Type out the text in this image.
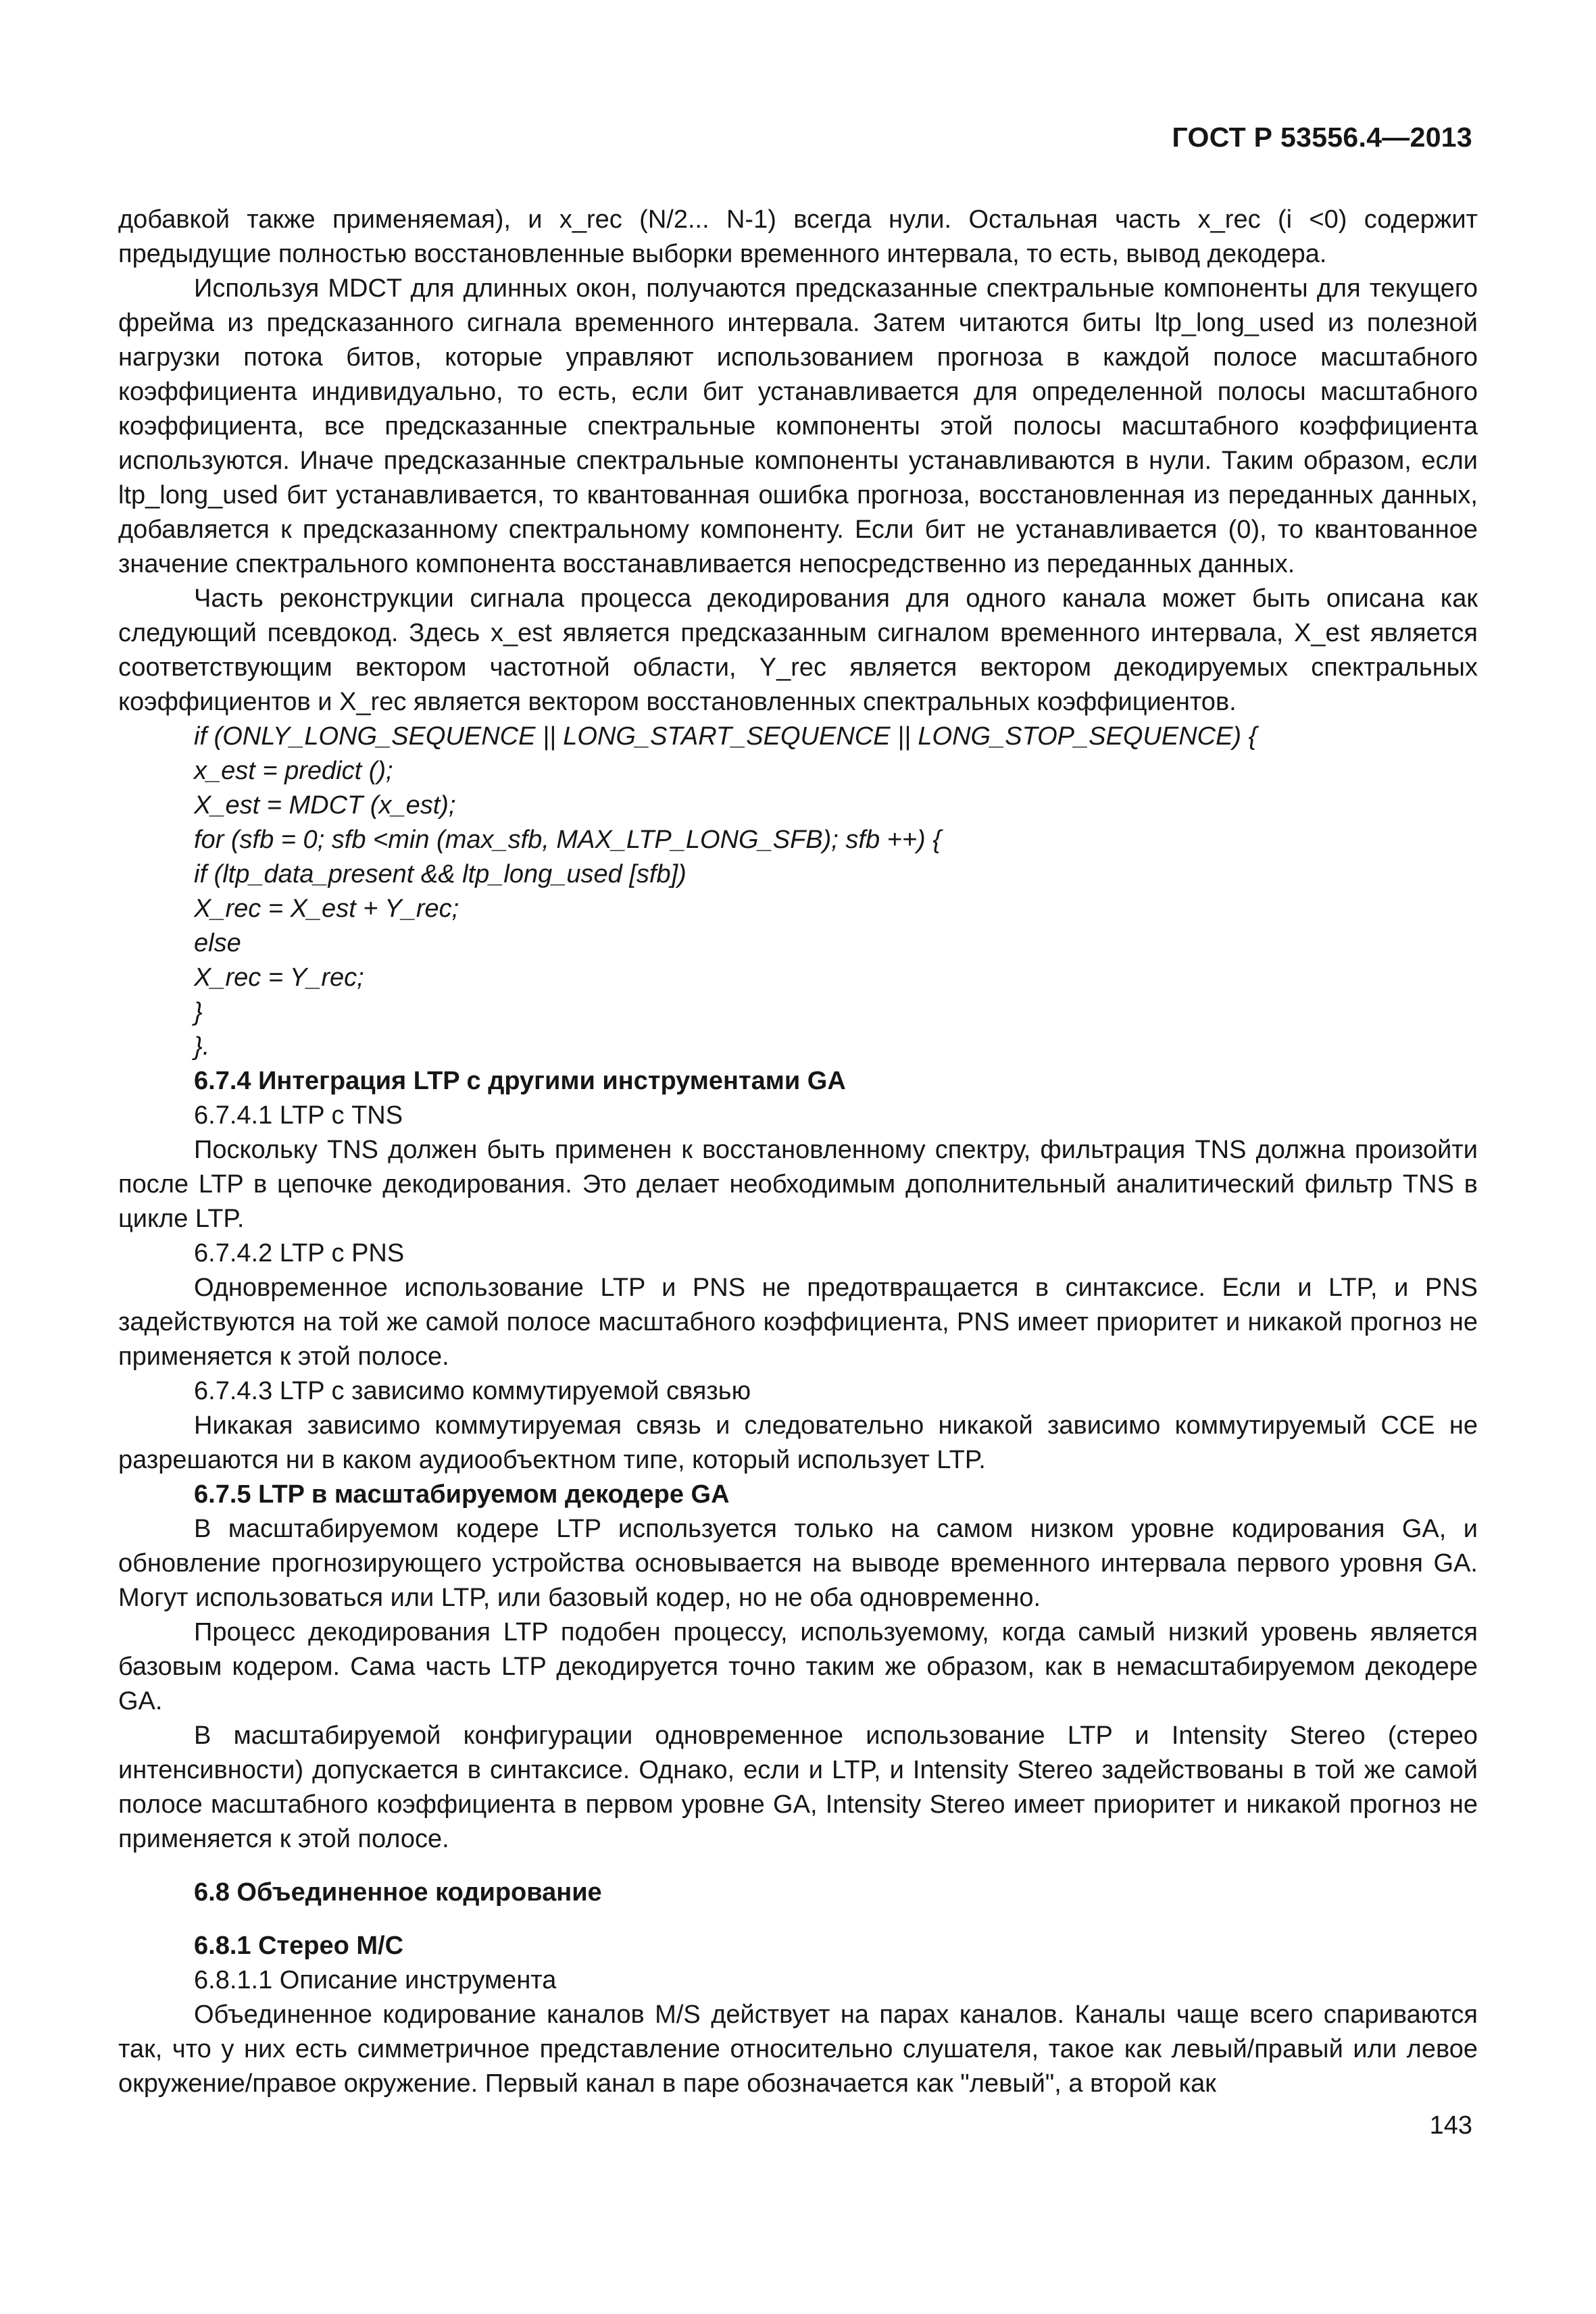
ГОСТ Р 53556.4—2013

добавкой также применяемая), и x_rec (N/2... N-1) всегда нули. Остальная часть x_rec (i <0) содержит предыдущие полностью восстановленные выборки временного интервала, то есть, вывод декодера.

Используя MDCT для длинных окон, получаются предсказанные спектральные компоненты для текущего фрейма из предсказанного сигнала временного интервала. Затем читаются биты ltp_long_used из полезной нагрузки потока битов, которые управляют использованием прогноза в каждой полосе масштабного коэффициента индивидуально, то есть, если бит устанавливается для определенной полосы масштабного коэффициента, все предсказанные спектральные компоненты этой полосы масштабного коэффициента используются. Иначе предсказанные спектральные компоненты устанавливаются в нули. Таким образом, если ltp_long_used бит устанавливается, то квантованная ошибка прогноза, восстановленная из переданных данных, добавляется к предсказанному спектральному компоненту. Если бит не устанавливается (0), то квантованное значение спектрального компонента восстанавливается непосредственно из переданных данных.

Часть реконструкции сигнала процесса декодирования для одного канала может быть описана как следующий псевдокод. Здесь x_est является предсказанным сигналом временного интервала, X_est является соответствующим вектором частотной области, Y_rec является вектором декодируемых спектральных коэффициентов и X_rec является вектором восстановленных спектральных коэффициентов.

if (ONLY_LONG_SEQUENCE || LONG_START_SEQUENCE || LONG_STOP_SEQUENCE) {

x_est = predict ();

X_est = MDCT (x_est);

for (sfb = 0; sfb <min (max_sfb, MAX_LTP_LONG_SFB); sfb ++) {

if (ltp_data_present && ltp_long_used [sfb])

X_rec = X_est + Y_rec;

else

X_rec = Y_rec;

}

}.

6.7.4 Интеграция LTP с другими инструментами GA

6.7.4.1 LTP с TNS

Поскольку TNS должен быть применен к восстановленному спектру, фильтрация TNS должна произойти после LTP в цепочке декодирования. Это делает необходимым дополнительный аналитический фильтр TNS в цикле LTP.

6.7.4.2 LTP с PNS

Одновременное использование LTP и PNS не предотвращается в синтаксисе. Если и LTP, и PNS задействуются на той же самой полосе масштабного коэффициента, PNS имеет приоритет и никакой прогноз не применяется к этой полосе.

6.7.4.3 LTP с зависимо коммутируемой связью

Никакая зависимо коммутируемая связь и следовательно никакой зависимо коммутируемый CCE не разрешаются ни в каком аудиообъектном типе, который использует LTP.

6.7.5 LTP в масштабируемом декодере GA

В масштабируемом кодере LTP используется только на самом низком уровне кодирования GA, и обновление прогнозирующего устройства основывается на выводе временного интервала первого уровня GA. Могут использоваться или LTP, или базовый кодер, но не оба одновременно.

Процесс декодирования LTP подобен процессу, используемому, когда самый низкий уровень является базовым кодером. Сама часть LTP декодируется точно таким же образом, как в немасштабируемом декодере GA.

В масштабируемой конфигурации одновременное использование LTP и Intensity Stereo (стерео интенсивности) допускается в синтаксисе. Однако, если и LTP, и Intensity Stereo задействованы в той же самой полосе масштабного коэффициента в первом уровне GA, Intensity Stereo имеет приоритет и никакой прогноз не применяется к этой полосе.

6.8 Объединенное кодирование

6.8.1 Стерео M/C

6.8.1.1 Описание инструмента

Объединенное кодирование каналов M/S действует на парах каналов. Каналы чаще всего спариваются так, что у них есть симметричное представление относительно слушателя, такое как левый/правый или левое окружение/правое окружение. Первый канал в паре обозначается как "левый", а второй как

143
